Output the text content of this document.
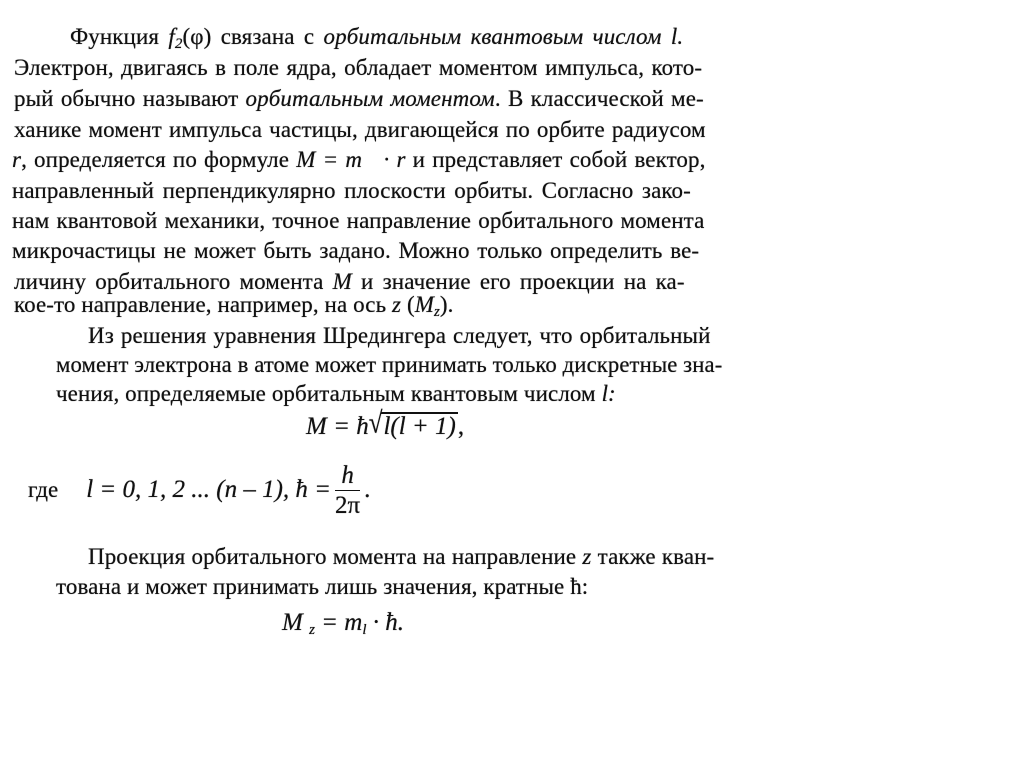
Функция $f_2(\varphi)$ связана с орбитальным квантовым числом l.
Электрон, двигаясь в поле ядра, обладает моментом импульса, кото-
рый обычно называют орбитальным моментом. В классической ме-
ханике момент импульса частицы, двигающейся по орбите радиусом
r, определяется по формуле M = m   · r и представляет собой вектор,
направленный перпендикулярно плоскости орбиты. Согласно зако-
нам квантовой механики, точное направление орбитального момента
микрочастицы не может быть задано. Можно только определить ве-
личину орбитального момента M и значение его проекции на ка-
кое-то направление, например, на ось z $(M_z)$.
Из решения уравнения Шредингера следует, что орбитальный
момент электрона в атоме может принимать только дискретные зна-
чения, определяемые орбитальным квантовым числом l:
M = ħ√l(l + 1),
где l = 0, 1, 2 ... (n – 1), ħ = $\frac{h}{2\pi}$ .
Проекция орбитального момента на направление z также кван-
тована и может принимать лишь значения, кратные ħ:
M $_z = m_l$ · ħ.
